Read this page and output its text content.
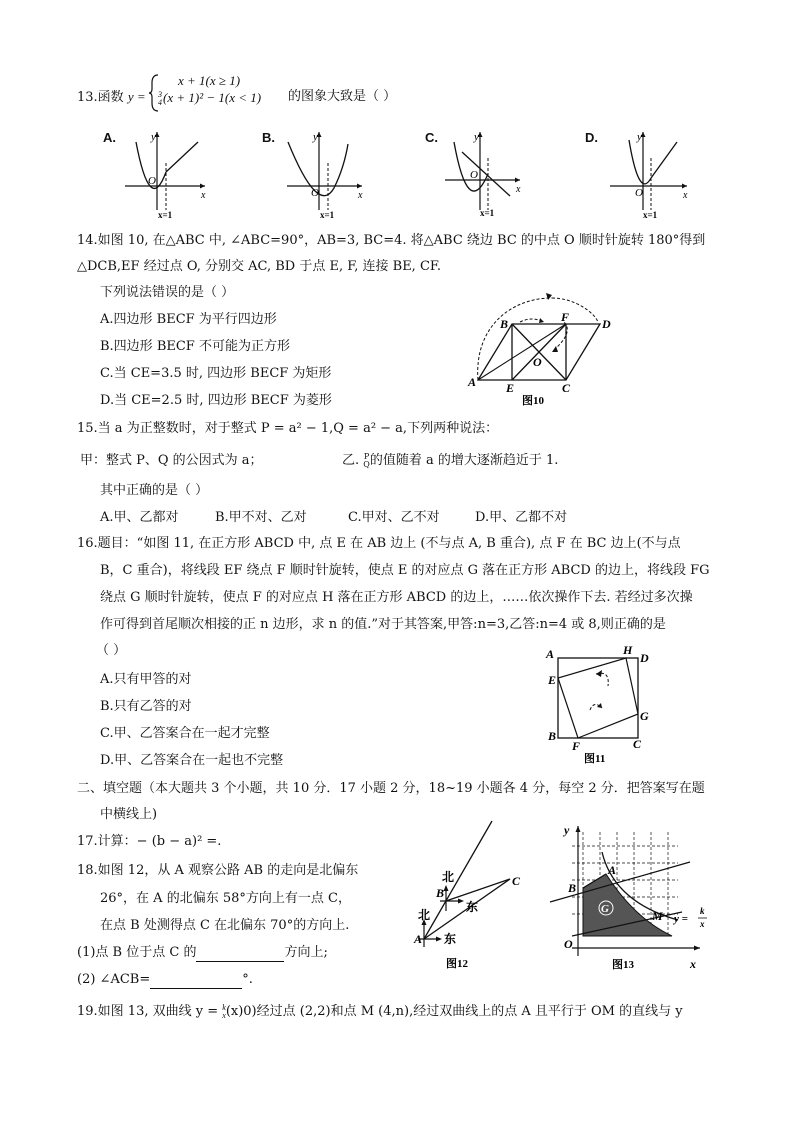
13.函数 y =
x + 1(x ≥ 1)
3
4(x + 1)² − 1(x < 1) 的图象大致是（ ）
A.	y
x
O
x=1
B.	y
x
O
x=1
C.	y
x
O
x=1
D.	y
x
O
x=1
14.如图 10, 在△ABC 中, ∠ABC=90°，AB=3, BC=4. 将△ABC 绕边 BC 的中点 O 顺时针旋转 180°得到
△DCB,EF 经过点 O, 分别交 AC, BD 于点 E, F, 连接 BE, CF.
下列说法错误的是（ ）
A.四边形 BECF 为平行四边形
B.四边形 BECF 不可能为正方形
C.当 CE=3.5 时, 四边形 BECF 为矩形
D.当 CE=2.5 时, 四边形 BECF 为菱形
A
B
C
D
E
F
O
图10
15.当 a 为正整数时，对于整式 P = a² − 1,Q = a² − a,下列两种说法：
甲：整式 P、Q 的公因式为 a；	乙. P
Q的值随着 a 的增大逐渐趋近于 1.
其中正确的是（ ）
A.甲、乙都对	B.甲不对、乙对	C.甲对、乙不对	D.甲、乙都不对
16.题目：“如图 11, 在正方形 ABCD 中, 点 E 在 AB 边上 (不与点 A, B 重合), 点 F 在 BC 边上(不与点
B，C 重合)，将线段 EF 绕点 F 顺时针旋转，使点 E 的对应点 G 落在正方形 ABCD 的边上，将线段 FG
绕点 G 顺时针旋转，使点 F 的对应点 H 落在正方形 ABCD 的边上，……依次操作下去. 若经过多次操
作可得到首尾顺次相接的正 n 边形，求 n 的值.”对于其答案,甲答:n=3,乙答:n=4 或 8,则正确的是
（ ）
A.只有甲答的对
B.只有乙答的对
C.甲、乙答案合在一起才完整
D.甲、乙答案合在一起也不完整
A
E
B
F	C
G
H
D
图11
二、填空题（本大题共 3 个小题，共 10 分．17 小题 2 分，18~19 小题各 4 分，每空 2 分．把答案写在题
中横线上)
17.计算：− (b − a)² =.
18.如图 12，从 A 观察公路 AB 的走向是北偏东
26°，在 A 的北偏东 58°方向上有一点 C，
在点 B 处测得点 C 在北偏东 70°的方向上.
(1)点 B 位于点 C 的	方向上;
(2) ∠ACB=	°.
北
东
北
东
B
A
C
图12
G
y
x
O
B
A
M y =
k
x
图13
19.如图 13, 双曲线 y = k
x(x)0)经过点 (2,2)和点 M (4,n),经过双曲线上的点 A 且平行于 OM 的直线与 y
